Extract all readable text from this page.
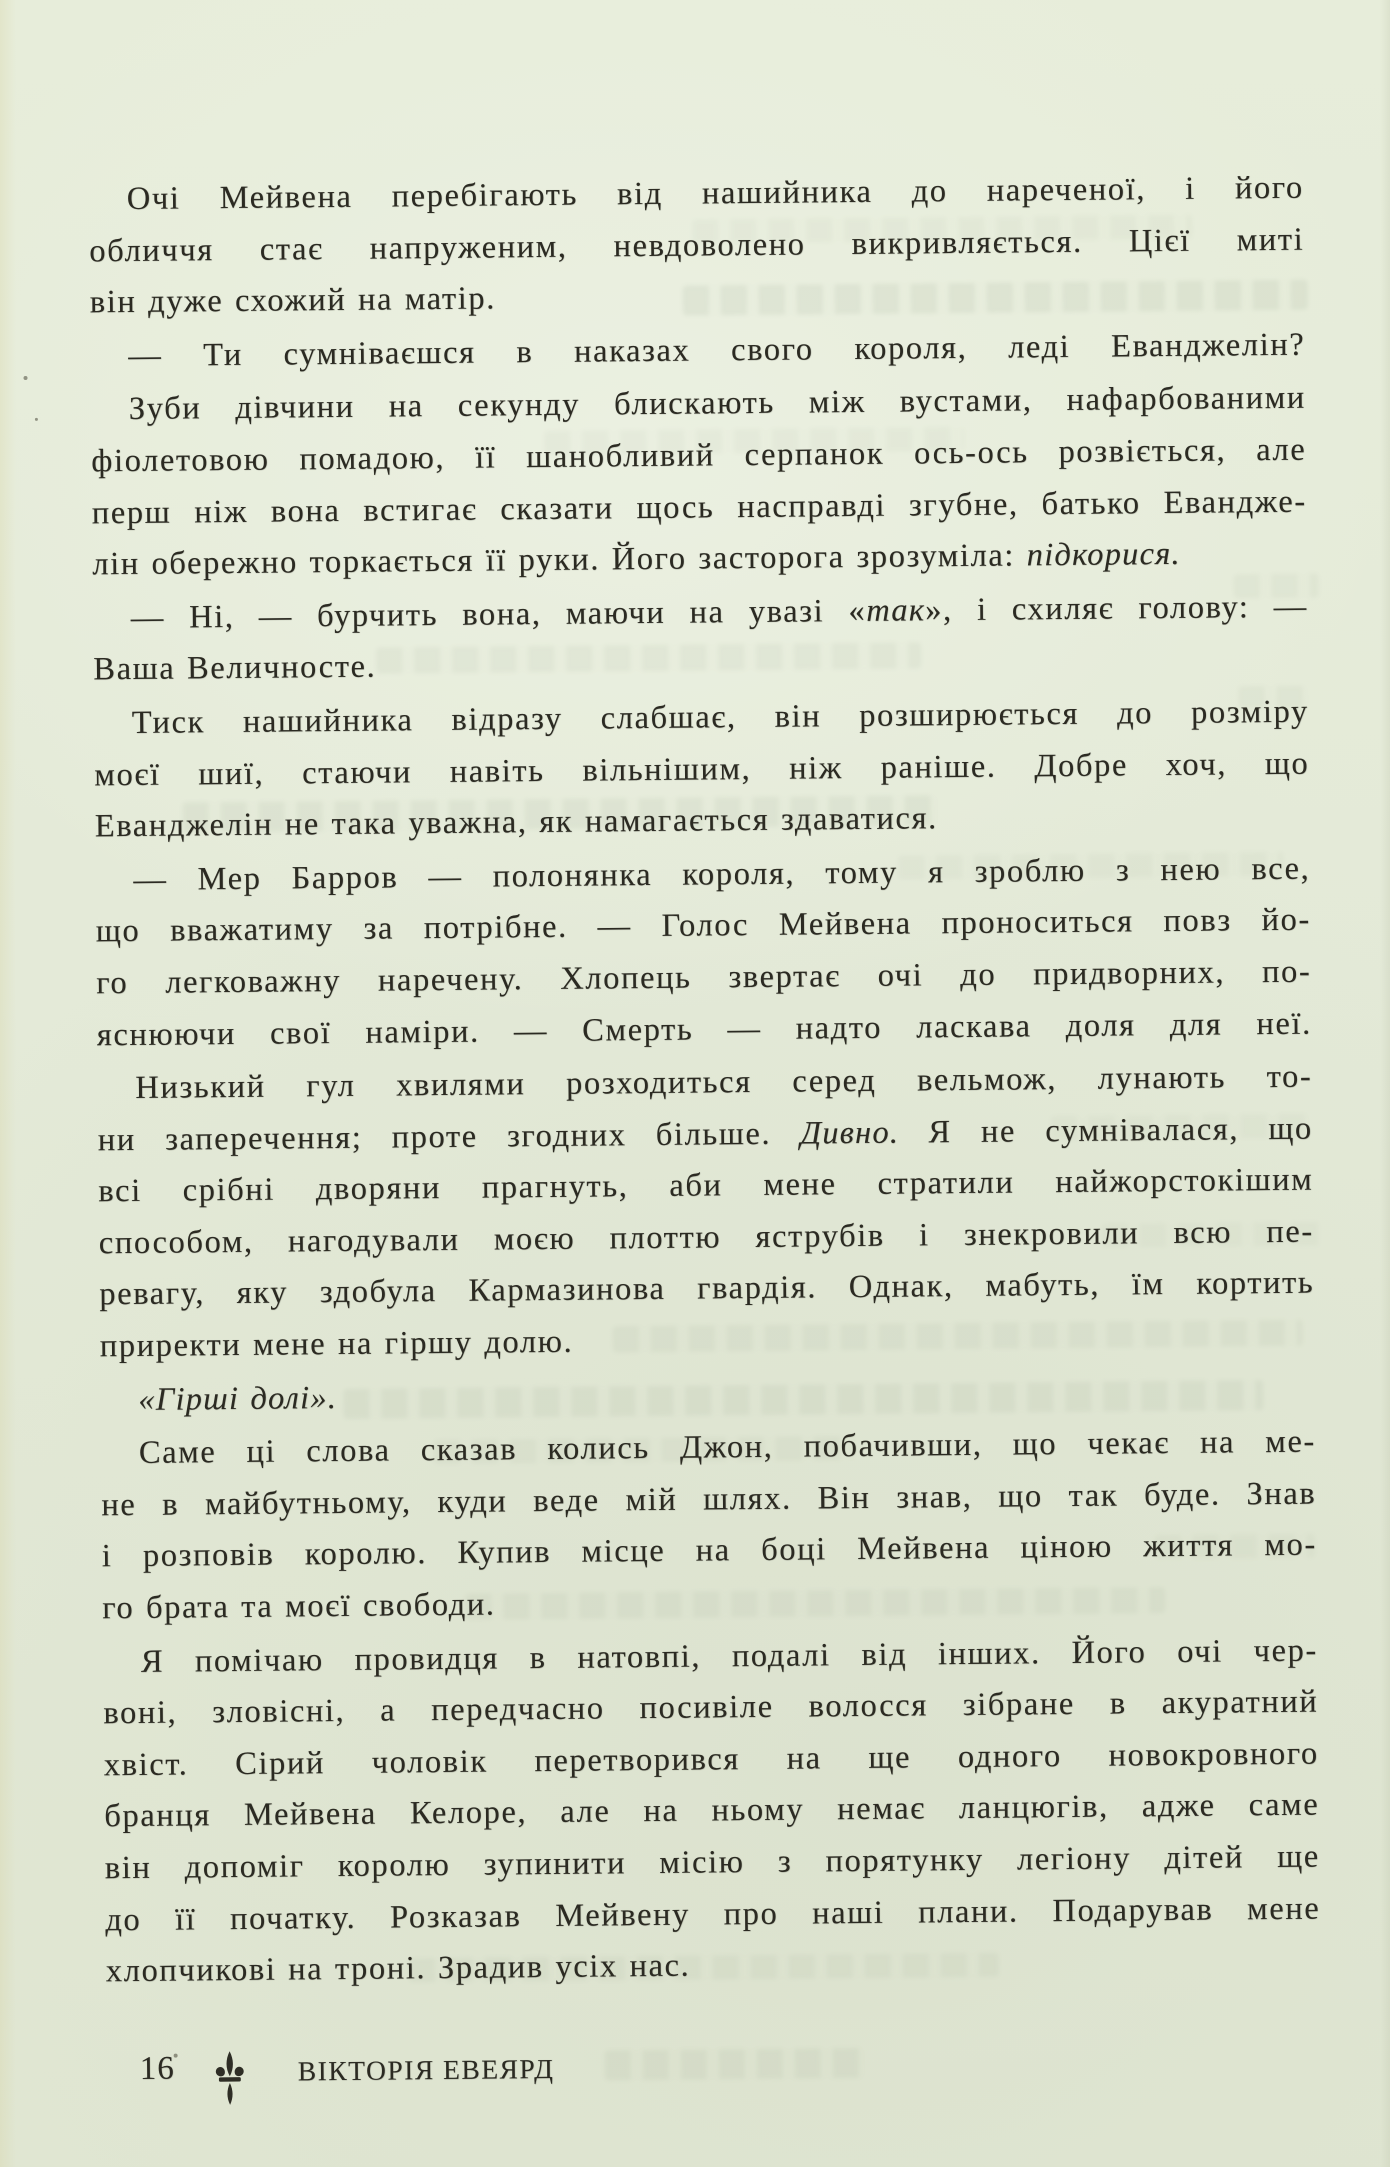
Очі Мейвена перебігають від нашийника до нареченої, і його
обличчя стає напруженим, невдоволено викривляється. Цієї миті
він дуже схожий на матір.
— Ти сумніваєшся в наказах свого короля, леді Еванджелін?
Зуби дівчини на секунду блискають між вустами, нафарбованими
фіолетовою помадою, її шанобливий серпанок ось-ось розвіється, але
перш ніж вона встигає сказати щось насправді згубне, батько Евандже-
лін обережно торкається її руки. Його засторога зрозуміла: підкорися.
— Ні, — бурчить вона, маючи на увазі «так», і схиляє голову: —
Ваша Величносте.
Тиск нашийника відразу слабшає, він розширюється до розміру
моєї шиї, стаючи навіть вільнішим, ніж раніше. Добре хоч, що
Еванджелін не така уважна, як намагається здаватися.
— Мер Барров — полонянка короля, тому я зроблю з нею все,
що вважатиму за потрібне. — Голос Мейвена проноситься повз йо-
го легковажну наречену. Хлопець звертає очі до придворних, по-
яснюючи свої наміри. — Смерть — надто ласкава доля для неї.
Низький гул хвилями розходиться серед вельмож, лунають то-
ни заперечення; проте згодних більше. Дивно. Я не сумнівалася, що
всі срібні дворяни прагнуть, аби мене стратили найжорстокішим
способом, нагодували моєю плоттю яструбів і знекровили всю пе-
ревагу, яку здобула Кармазинова гвардія. Однак, мабуть, їм кортить
приректи мене на гіршу долю.
«Гірші долі».
Саме ці слова сказав колись Джон, побачивши, що чекає на ме-
не в майбутньому, куди веде мій шлях. Він знав, що так буде. Знав
і розповів королю. Купив місце на боці Мейвена ціною життя мо-
го брата та моєї свободи.
Я помічаю провидця в натовпі, подалі від інших. Його очі чер-
воні, зловісні, а передчасно посивіле волосся зібране в акуратний
хвіст. Сірий чоловік перетворився на ще одного новокровного
бранця Мейвена Келоре, але на ньому немає ланцюгів, адже саме
він допоміг королю зупинити місію з порятунку легіону дітей ще
до її початку. Розказав Мейвену про наші плани. Подарував мене
хлопчикові на троні. Зрадив усіх нас.
16	ВІКТОРІЯ ЕВЕЯРД
